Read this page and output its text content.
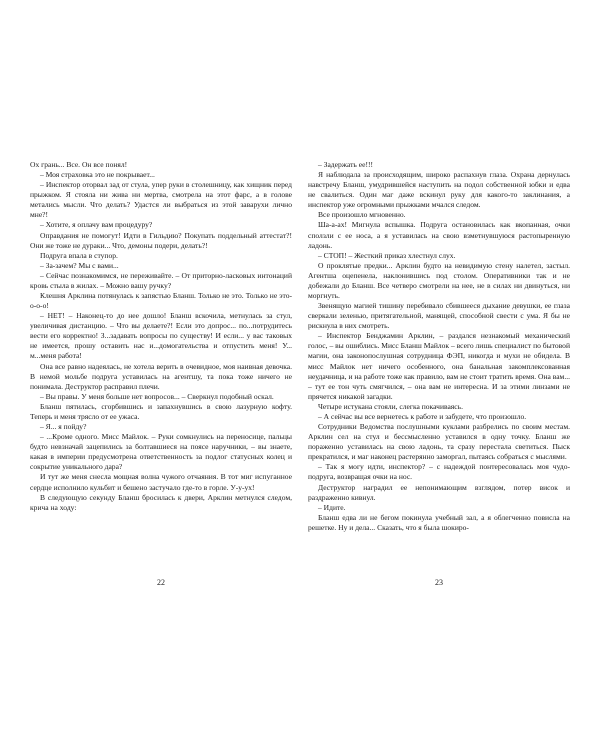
Ох грань... Все. Он все понял!

– Моя страховка это не покрывает...

– Инспектор оторвал зад от стула, упер руки в столешницу, как хищник перед прыжком. Я стояла ни жива ни мертва, смотрела на этот фарс, а в голове метались мысли. Что делать? Удастся ли выбраться из этой заварухи лично мне?!

– Хотите, я оплачу вам процедуру?

Оправдания не помогут! Идти в Гильдию? Покупать поддельный аттестат?! Они же тоже не дураки... Что, демоны подери, делать?!

Подруга впала в ступор.

– За-зачем? Мы с вами...

– Сейчас познакомимся, не переживайте. – От приторно-ласковых интонаций кровь стыла в жилах. – Можно вашу ручку?

Клешня Арклина потянулась к запястью Бланш. Только не это. Только не это-о-о-о!

– НЕТ! – Наконец-то до нее дошло! Бланш вскочила, метнулась за стул, увеличивая дистанцию. – Что вы делаете?! Если это допрос... по...потрудитесь вести его корректно! З...задавать вопросы по существу! И если... у вас таковых не имеется, прошу оставить нас и...домогательства и отпустить меня! У... м...меня работа!

Она все равно надеялась, не хотела верить в очевидное, моя наивная девочка. В немой мольбе подруга уставилась на агентшу, та пока тоже ничего не понимала. Деструктор расправил плечи.

– Вы правы. У меня больше нет вопросов... – Сверкнул подобный оскал.

Бланш пятилась, сгорбившись и запахнувшись в свою лазурную кофту. Теперь и меня трясло от ее ужаса.

– Я... я пойду?

– ...Кроме одного. Мисс Майлок. – Руки сомкнулись на переносице, пальцы будто невзначай зацепились за болтавшиеся на поясе наручники, – вы знаете, какая в империи предусмотрена ответственность за подлог статусных колец и сокрытие уникального дара?

И тут же меня снесла мощная волна чужого отчаяния. В тот миг испуганное сердце исполнило кульбит и бешено застучало где-то в горле. У-у-ух!

В следующую секунду Бланш бросилась к двери, Арклин метнулся следом, крича на ходу:

22

– Задержать ее!!!

Я наблюдала за происходящим, широко распахнув глаза. Охрана дернулась навстречу Бланш, умудрившейся наступить на подол собственной юбки и едва не свалиться. Один маг даже вскинул руку для какого-то заклинания, а инспектор уже огромными прыжками мчался следом.

Все произошло мгновенно.

Ша-а-ах! Мигнула вспышка. Подруга остановилась как вкопанная, очки сползли с ее носа, а я уставилась на свою взметнувшуюся растопыренную ладонь.

– СТОП! – Жесткий приказ хлестнул слух.

О проклятые предки... Арклин будто на невидимую стену налетел, застыл. Агентша оцепенела, наклонившись под столом. Оперативники так и не добежали до Бланш. Все четверо смотрели на нее, не в силах ни двинуться, ни моргнуть.

Звенящую магией тишину перебивало сбившееся дыхание девушки, ее глаза сверкали зеленью, притягательной, манящей, способной свести с ума. Я бы не рискнула в них смотреть.

– Инспектор Бенджамин Арклин, – раздался незнакомый механический голос, – вы ошиблись. Мисс Бланш Майлок – всего лишь специалист по бытовой магии, она законопослушная сотрудница ФЭП, никогда и мухи не обидела. В мисс Майлок нет ничего особенного, она банальная закомплексованная неудачница, и на работе тоже как правило, вам не стоит тратить время. Она вам... – тут ее тон чуть смягчился, – она вам не интересна. И за этими линзами не прячется никакой загадки.

Четыре истукана стояли, слегка покачиваясь.

– А сейчас вы все вернетесь к работе и забудете, что произошло.

Сотрудники Ведомства послушными куклами разбрелись по своим местам. Арклин сел на стул и бессмысленно уставился в одну точку. Бланш же пораженно уставилась на свою ладонь, та сразу перестала светиться. Пыск прекратился, и маг наконец растерянно заморгал, пытаясь собраться с мыслями.

– Так я могу идти, инспектор? – с надеждой понтересовалась моя чудо-подруга, возвращая очки на нос.

Деструктор наградил ее непонимающим взглядом, потер висок и раздраженно кивнул.

– Идите.

Бланш едва ли не бегом покинула учебный зал, а я облегченно повисла на решетке. Ну и дела... Сказать, что я была шокиро-

23
